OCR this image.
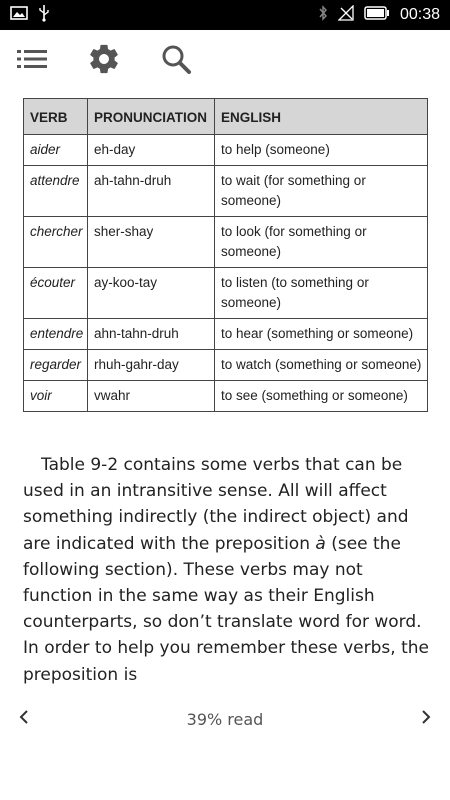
00:38
VERB	PRONUNCIATION	ENGLISH
aider	eh-day	to help (someone)
attendre	ah-tahn-druh	to wait (for something or someone)
chercher	sher-shay	to look (for something or someone)
écouter	ay-koo-tay	to listen (to something or someone)
entendre	ahn-tahn-druh	to hear (something or someone)
regarder	rhuh-gahr-day	to watch (something or someone)
voir	vwahr	to see (something or someone)

Table 9-2 contains some verbs that can be used in an intransitive sense. All will affect something indirectly (the indirect object) and are indicated with the preposition à (see the following section). These verbs may not function in the same way as their English counterparts, so don’t translate word for word. In order to help you remember these verbs, the preposition is

39% read
